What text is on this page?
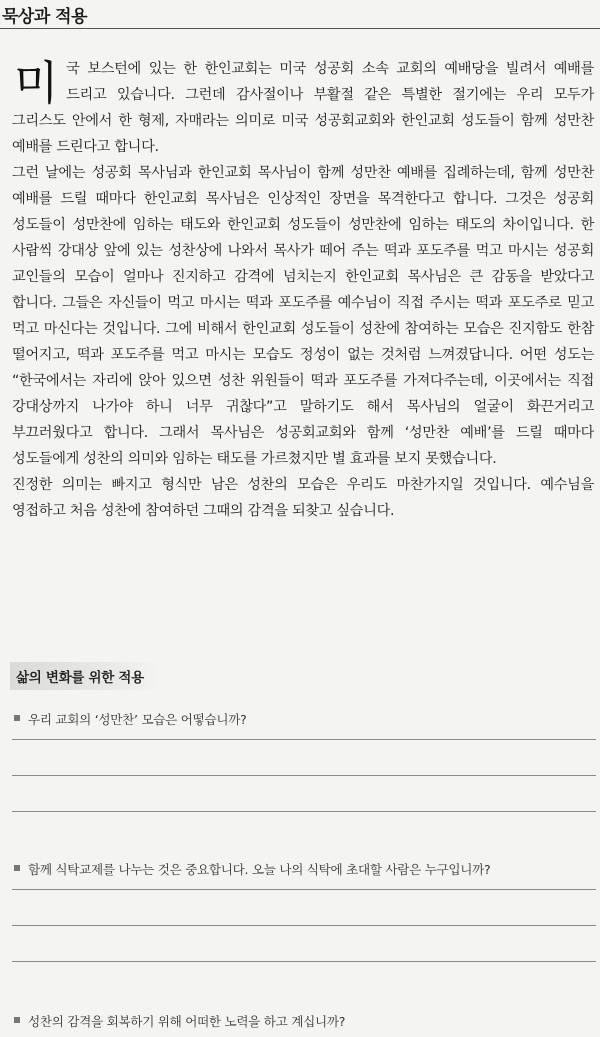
묵상과 적용

미국 보스턴에 있는 한 한인교회는 미국 성공회 소속 교회의 예배당을 빌려서 예배를 드리고 있습니다. 그런데 감사절이나 부활절 같은 특별한 절기에는 우리 모두가 그리스도 안에서 한 형제, 자매라는 의미로 미국 성공회교회와 한인교회 성도들이 함께 성만찬 예배를 드린다고 합니다.

그런 날에는 성공회 목사님과 한인교회 목사님이 함께 성만찬 예배를 집례하는데, 함께 성만찬 예배를 드릴 때마다 한인교회 목사님은 인상적인 장면을 목격한다고 합니다. 그것은 성공회 성도들이 성만찬에 임하는 태도와 한인교회 성도들이 성만찬에 임하는 태도의 차이입니다. 한 사람씩 강대상 앞에 있는 성찬상에 나와서 목사가 떼어 주는 떡과 포도주를 먹고 마시는 성공회 교인들의 모습이 얼마나 진지하고 감격에 넘치는지 한인교회 목사님은 큰 감동을 받았다고 합니다. 그들은 자신들이 먹고 마시는 떡과 포도주를 예수님이 직접 주시는 떡과 포도주로 믿고 먹고 마신다는 것입니다. 그에 비해서 한인교회 성도들이 성찬에 참여하는 모습은 진지함도 한참 떨어지고, 떡과 포도주를 먹고 마시는 모습도 정성이 없는 것처럼 느껴졌답니다. 어떤 성도는 “한국에서는 자리에 앉아 있으면 성찬 위원들이 떡과 포도주를 가져다주는데, 이곳에서는 직접 강대상까지 나가야 하니 너무 귀찮다”고 말하기도 해서 목사님의 얼굴이 화끈거리고 부끄러웠다고 합니다. 그래서 목사님은 성공회교회와 함께 ‘성만찬 예배’를 드릴 때마다 성도들에게 성찬의 의미와 임하는 태도를 가르쳤지만 별 효과를 보지 못했습니다.

진정한 의미는 빠지고 형식만 남은 성찬의 모습은 우리도 마찬가지일 것입니다. 예수님을 영접하고 처음 성찬에 참여하던 그때의 감격을 되찾고 싶습니다.

삶의 변화를 위한 적용
우리 교회의 ‘성만찬’ 모습은 어떻습니까?
함께 식탁교제를 나누는 것은 중요합니다. 오늘 나의 식탁에 초대할 사람은 누구입니까?
성찬의 감격을 회복하기 위해 어떠한 노력을 하고 계십니까?
